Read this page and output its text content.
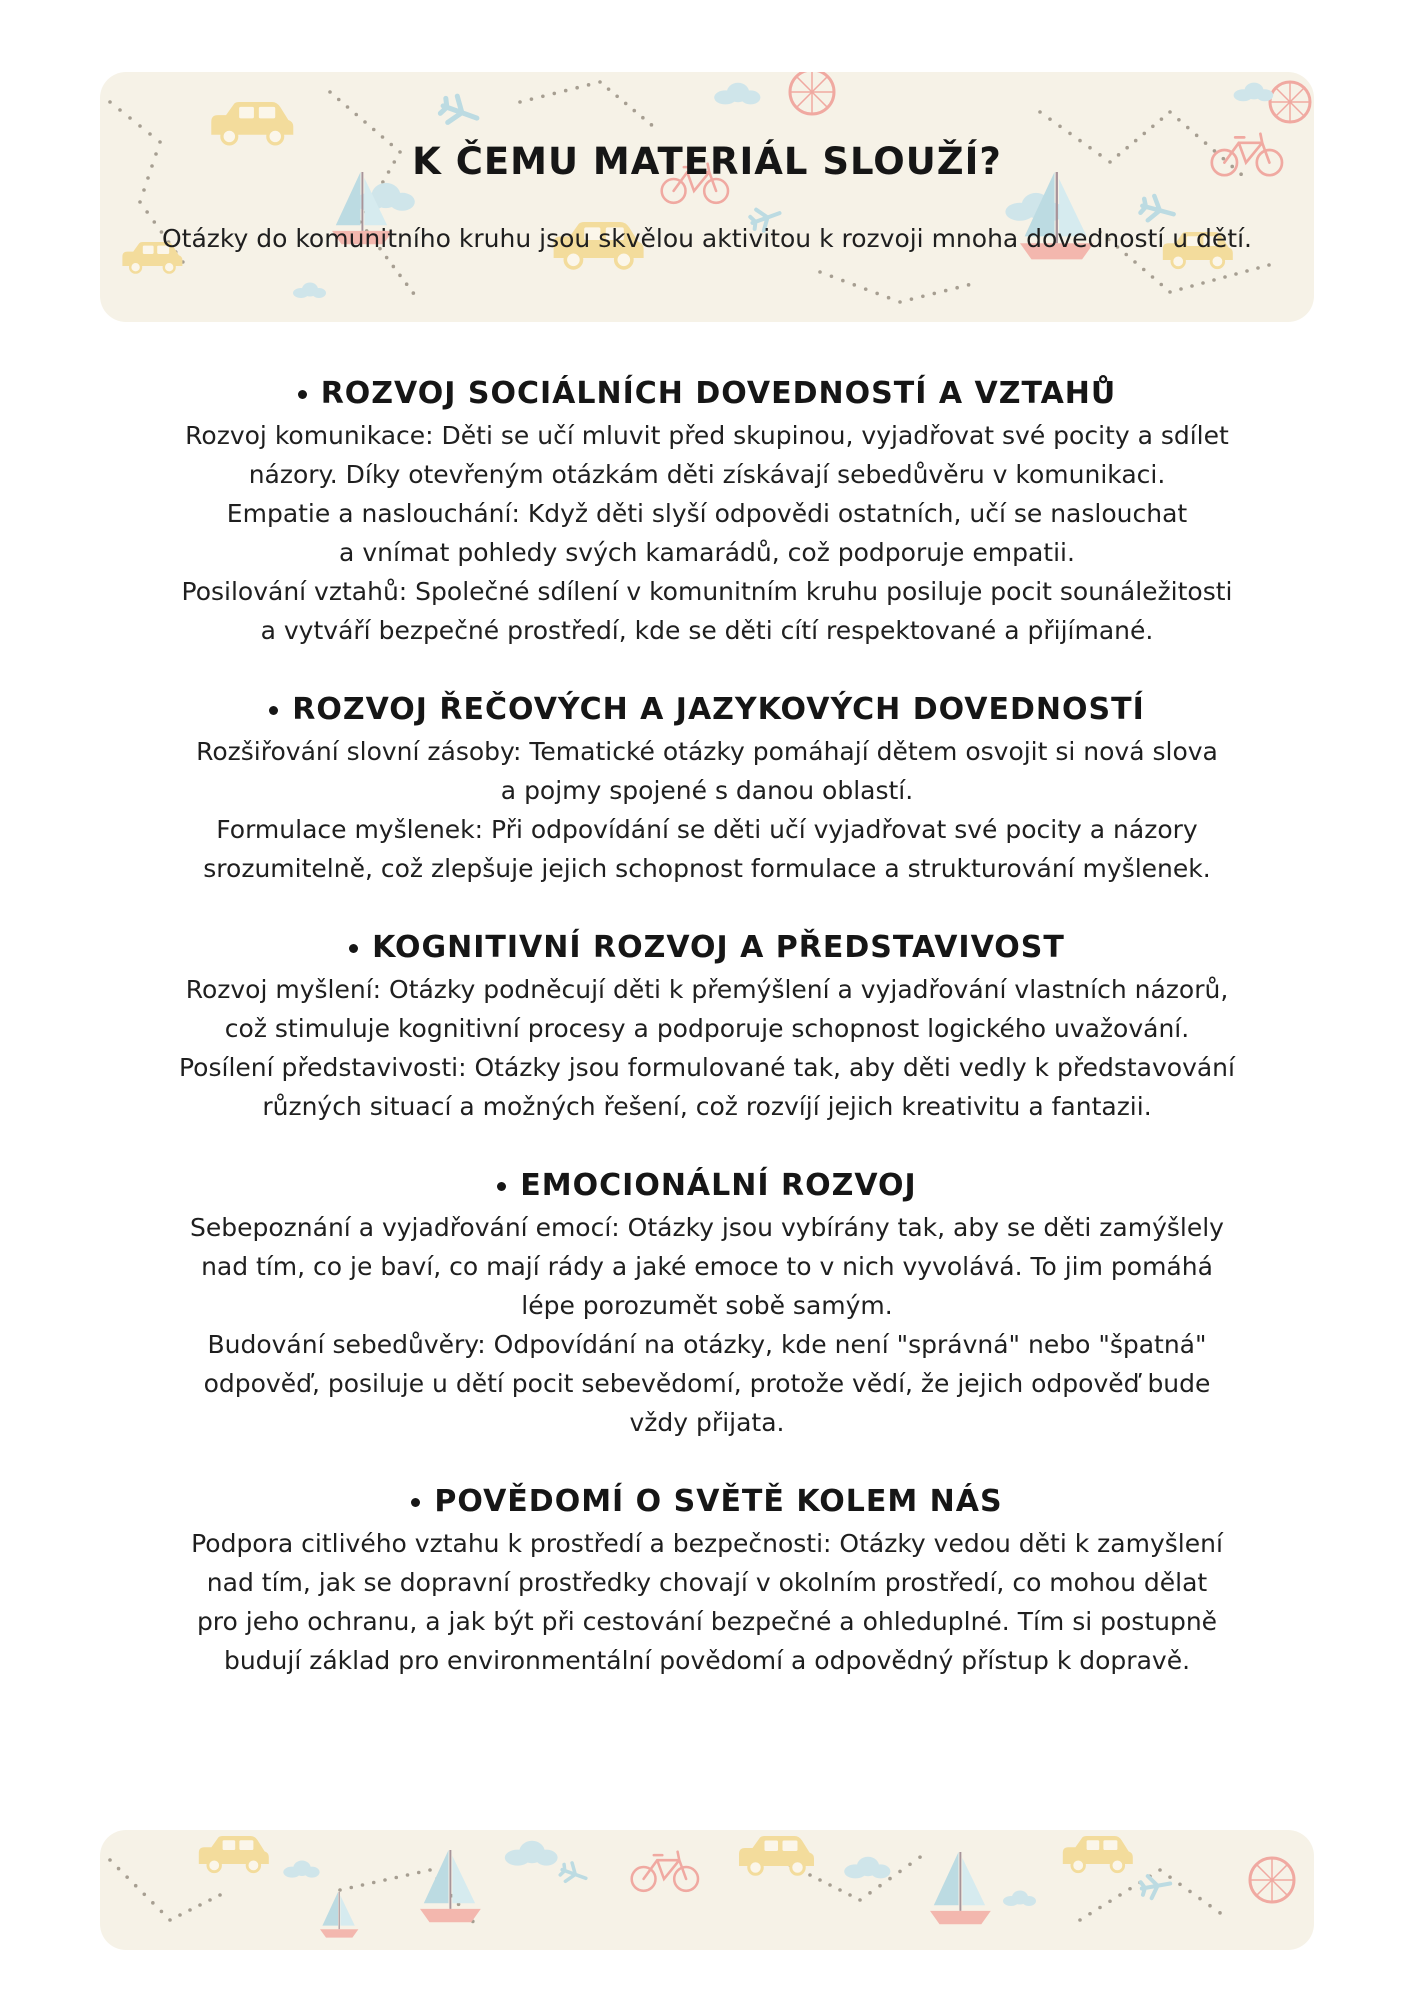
K ČEMU MATERIÁL SLOUŽÍ?

Otázky do komunitního kruhu jsou skvělou aktivitou k rozvoji mnoha dovedností u dětí.

ROZVOJ SOCIÁLNÍCH DOVEDNOSTÍ A VZTAHŮ

Rozvoj komunikace: Děti se učí mluvit před skupinou, vyjadřovat své pocity a sdílet

názory. Díky otevřeným otázkám děti získávají sebedůvěru v komunikaci.

Empatie a naslouchání: Když děti slyší odpovědi ostatních, učí se naslouchat

a vnímat pohledy svých kamarádů, což podporuje empatii.

Posilování vztahů: Společné sdílení v komunitním kruhu posiluje pocit sounáležitosti

a vytváří bezpečné prostředí, kde se děti cítí respektované a přijímané.

ROZVOJ ŘEČOVÝCH A JAZYKOVÝCH DOVEDNOSTÍ

Rozšiřování slovní zásoby: Tematické otázky pomáhají dětem osvojit si nová slova

a pojmy spojené s danou oblastí.

Formulace myšlenek: Při odpovídání se děti učí vyjadřovat své pocity a názory

srozumitelně, což zlepšuje jejich schopnost formulace a strukturování myšlenek.

KOGNITIVNÍ ROZVOJ A PŘEDSTAVIVOST

Rozvoj myšlení: Otázky podněcují děti k přemýšlení a vyjadřování vlastních názorů,

což stimuluje kognitivní procesy a podporuje schopnost logického uvažování.

Posílení představivosti: Otázky jsou formulované tak, aby děti vedly k představování

různých situací a možných řešení, což rozvíjí jejich kreativitu a fantazii.

EMOCIONÁLNÍ ROZVOJ

Sebepoznání a vyjadřování emocí: Otázky jsou vybírány tak, aby se děti zamýšlely

nad tím, co je baví, co mají rády a jaké emoce to v nich vyvolává. To jim pomáhá

lépe porozumět sobě samým.

Budování sebedůvěry: Odpovídání na otázky, kde není "správná" nebo "špatná"

odpověď, posiluje u dětí pocit sebevědomí, protože vědí, že jejich odpověď bude

vždy přijata.

POVĚDOMÍ O SVĚTĚ KOLEM NÁS

Podpora citlivého vztahu k prostředí a bezpečnosti: Otázky vedou děti k zamyšlení

nad tím, jak se dopravní prostředky chovají v okolním prostředí, co mohou dělat

pro jeho ochranu, a jak být při cestování bezpečné a ohleduplné. Tím si postupně

budují základ pro environmentální povědomí a odpovědný přístup k dopravě.
